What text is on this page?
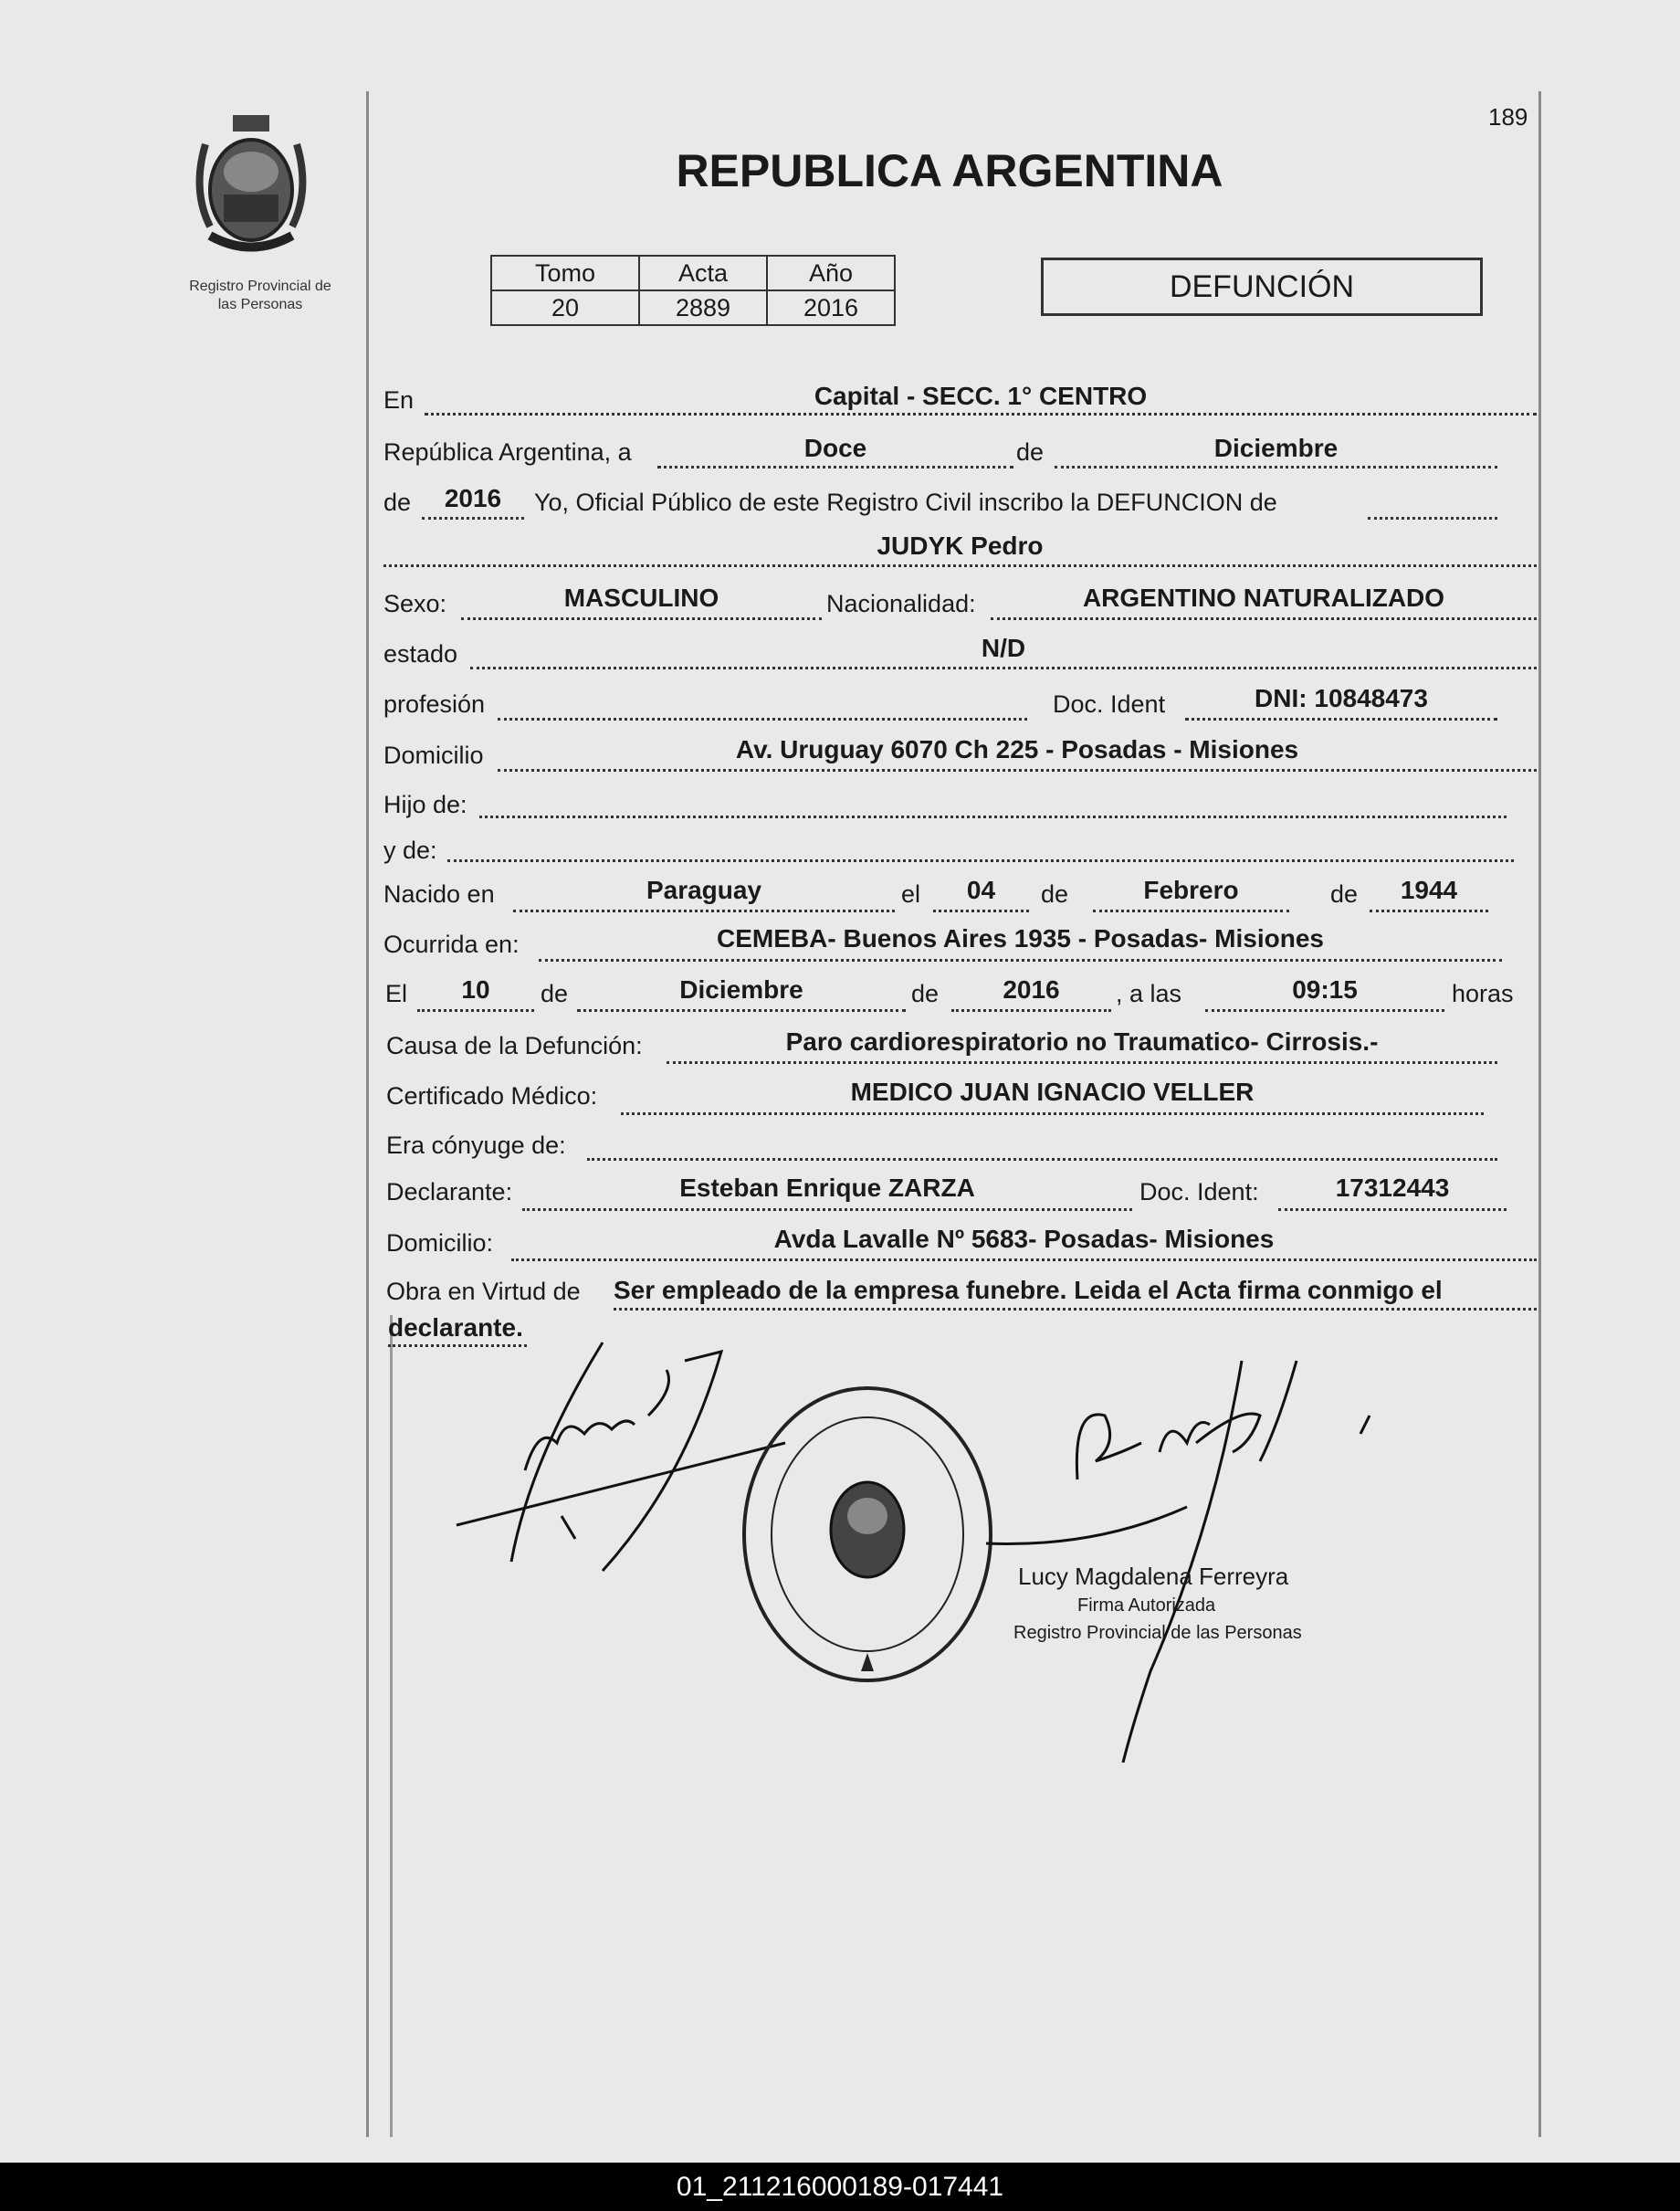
189
Registro Provincial de
las Personas
REPUBLICA ARGENTINA
Tomo	Acta	Año
20	2889	2016
DEFUNCIÓN
En	Capital - SECC. 1° CENTRO
República Argentina, a	Doce	de	Diciembre
de	2016	Yo, Oficial Público de este Registro Civil inscribo la DEFUNCION de
JUDYK Pedro
Sexo:	MASCULINO	Nacionalidad:	ARGENTINO NATURALIZADO
estado	N/D
profesión	Doc. Ident	DNI: 10848473
Domicilio	Av. Uruguay 6070 Ch 225 - Posadas - Misiones
Hijo de:
y de:
Nacido en	Paraguay	el	04	de	Febrero	de	1944
Ocurrida en:	CEMEBA- Buenos Aires 1935 - Posadas- Misiones
El	10	de	Diciembre	de	2016	, a las	09:15	horas
Causa de la Defunción:	Paro cardiorespiratorio no Traumatico- Cirrosis.-
Certificado Médico:	MEDICO JUAN IGNACIO VELLER
Era cónyuge de:
Declarante:	Esteban Enrique ZARZA	Doc. Ident:	17312443
Domicilio:	Avda Lavalle Nº 5683- Posadas- Misiones
Obra en Virtud de Ser empleado de la empresa funebre. Leida el Acta firma conmigo el
declarante.
Lucy Magdalena Ferreyra
Firma Autorizada
Registro Provincial de las Personas
01_211216000189-017441
